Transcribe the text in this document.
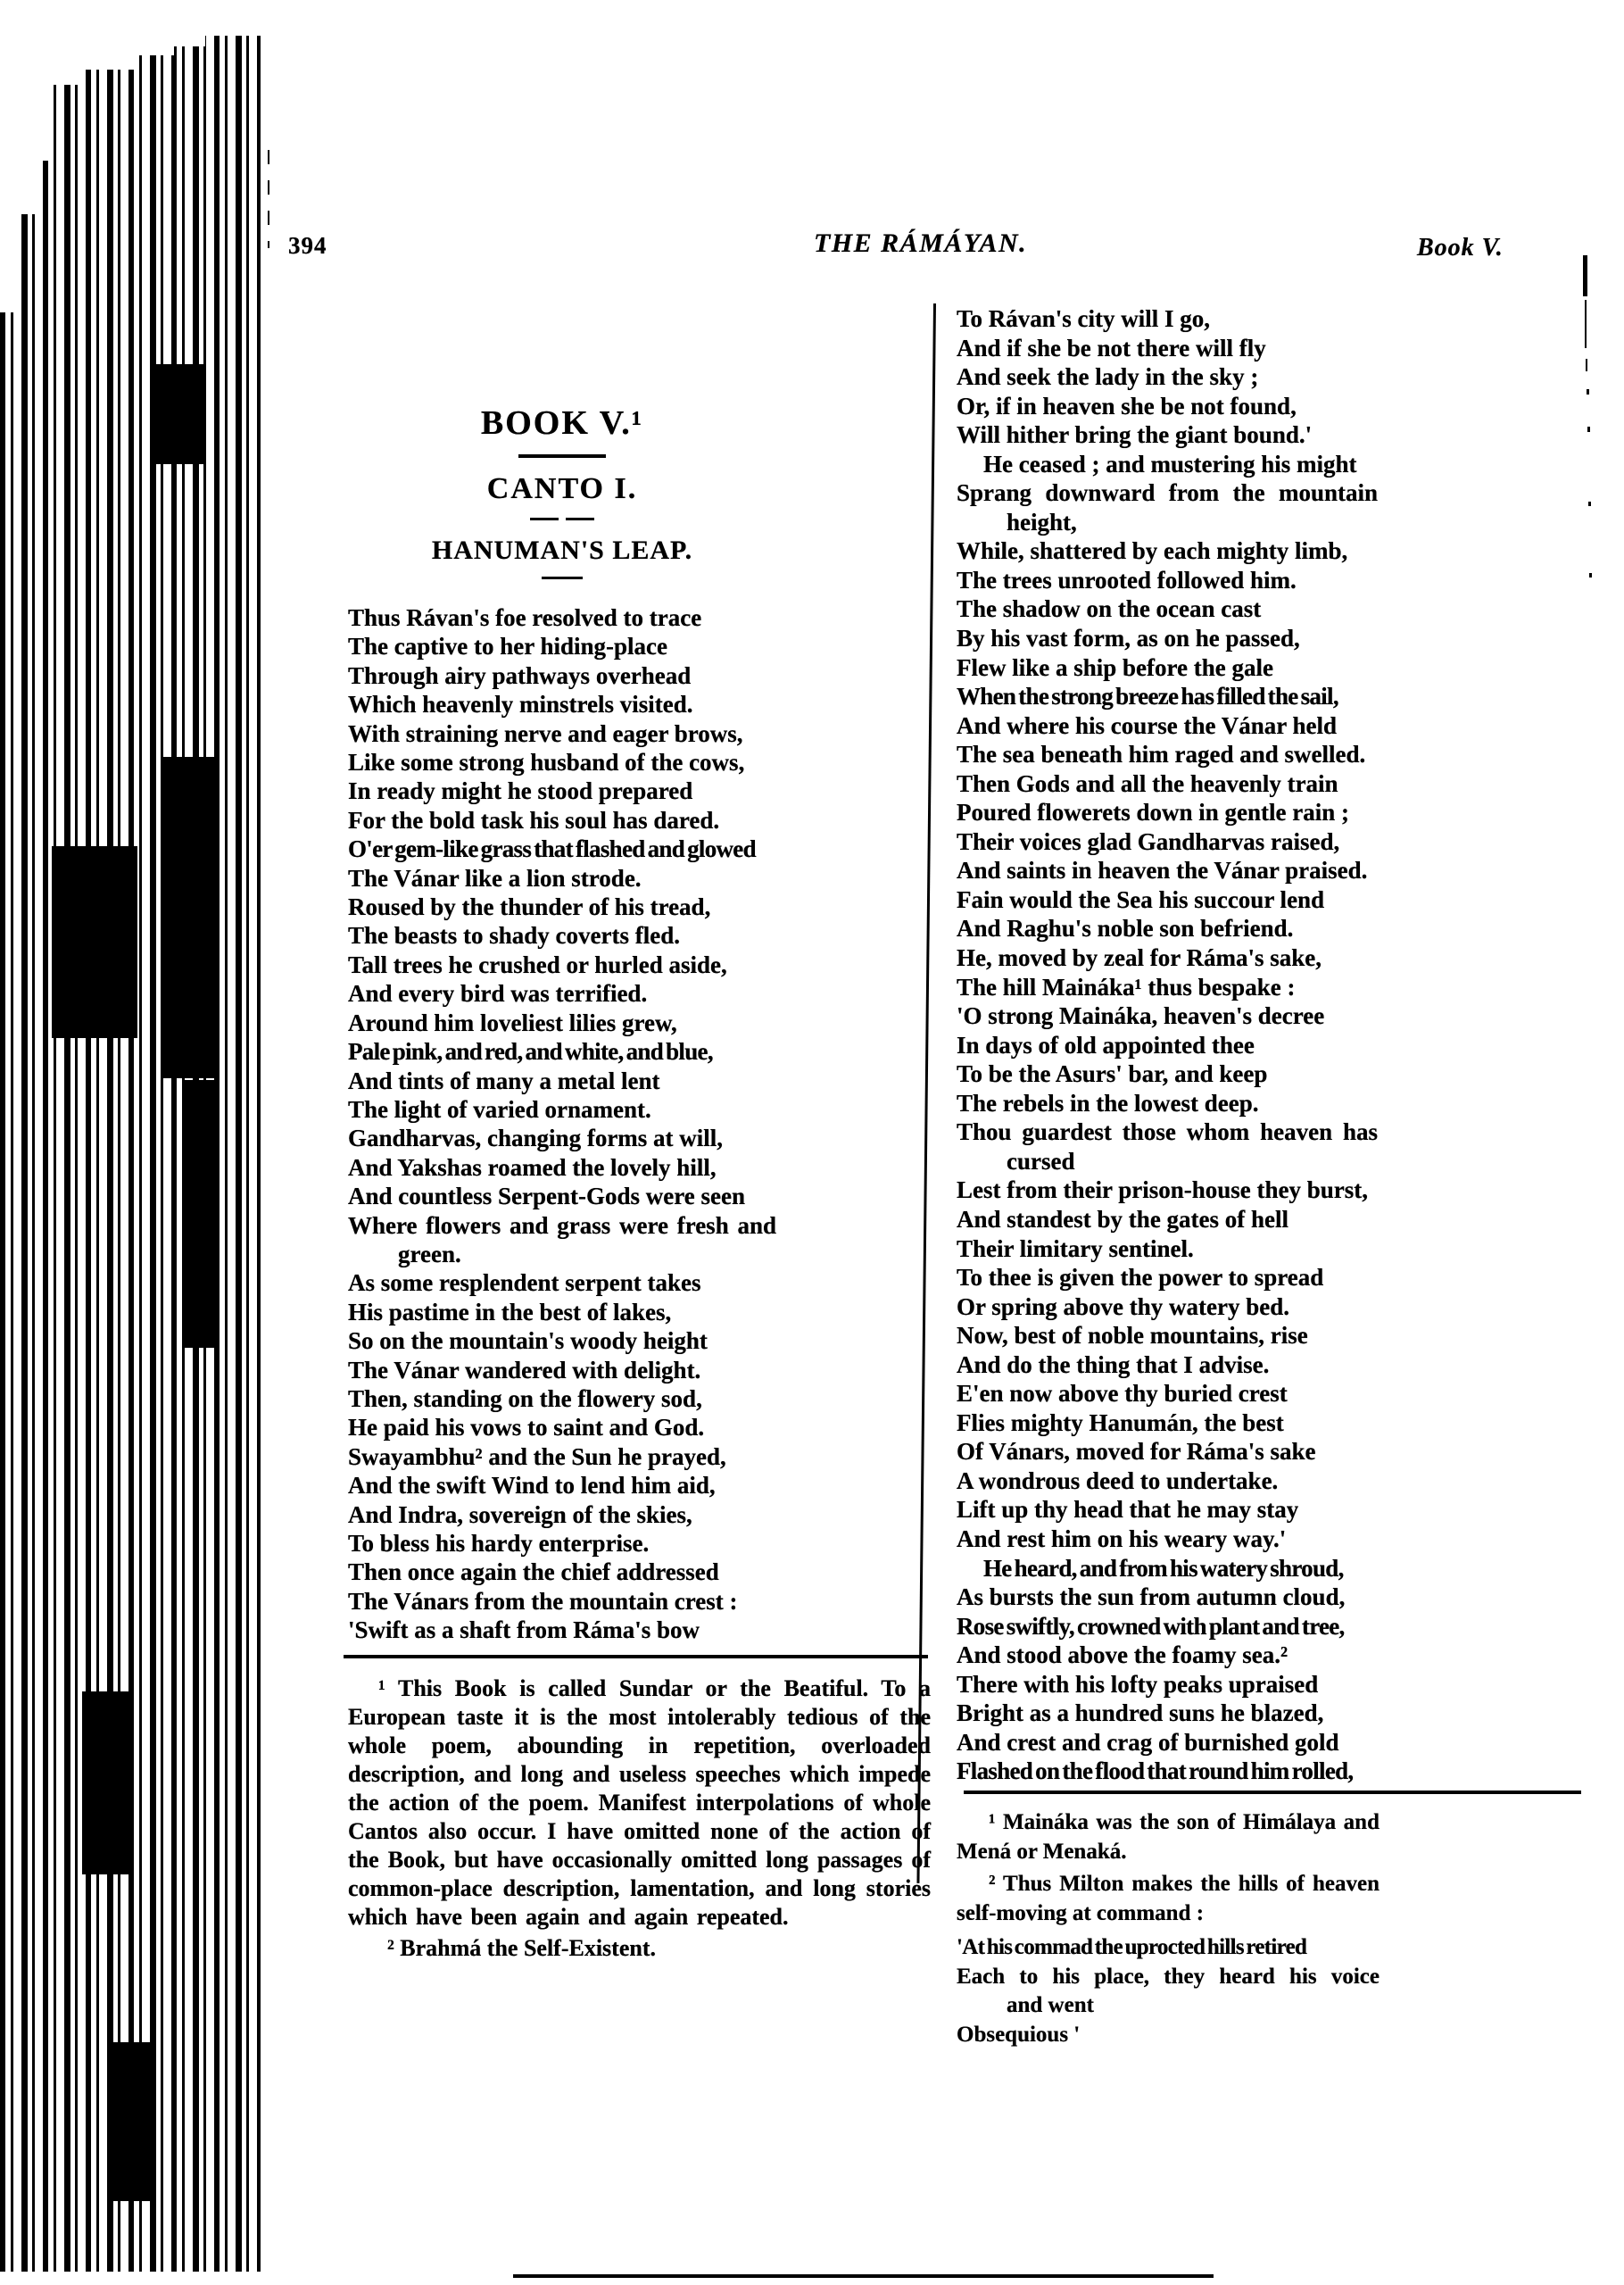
394	THE RÁMÁYAN.	Book V.
BOOK V.¹
CANTO I.
HANUMAN'S LEAP.
Thus Rávan's foe resolved to trace
The captive to her hiding-place
Through airy pathways overhead
Which heavenly minstrels visited.
With straining nerve and eager brows,
Like some strong husband of the cows,
In ready might he stood prepared
For the bold task his soul has dared.
O'er gem-like grass that flashed and glowed
The Vánar like a lion strode.
Roused by the thunder of his tread,
The beasts to shady coverts fled.
Tall trees he crushed or hurled aside,
And every bird was terrified.
Around him loveliest lilies grew,
Pale pink, and red, and white, and blue,
And tints of many a metal lent
The light of varied ornament.
Gandharvas, changing forms at will,
And Yakshas roamed the lovely hill,
And countless Serpent-Gods were seen
Where flowers and grass were fresh and
green.
As some resplendent serpent takes
His pastime in the best of lakes,
So on the mountain's woody height
The Vánar wandered with delight.
Then, standing on the flowery sod,
He paid his vows to saint and God.
Swayambhu² and the Sun he prayed,
And the swift Wind to lend him aid,
And Indra, sovereign of the skies,
To bless his hardy enterprise.
Then once again the chief addressed
The Vánars from the mountain crest :
'Swift as a shaft from Ráma's bow

¹ This Book is called Sundar or the Beatiful. To a European taste it is the most intolerably tedious of the whole poem, abounding in repetition, overloaded description, and long and useless speeches which impede the action of the poem. Manifest interpolations of whole Cantos also occur. I have omitted none of the action of the Book, but have occasionally omitted long passages of common-place description, lamentation, and long stories which have been again and again repeated.

² Brahmá the Self-Existent.
To Rávan's city will I go,
And if she be not there will fly
And seek the lady in the sky ;
Or, if in heaven she be not found,
Will hither bring the giant bound.'
He ceased ; and mustering his might
Sprang downward from the mountain
height,
While, shattered by each mighty limb,
The trees unrooted followed him.
The shadow on the ocean cast
By his vast form, as on he passed,
Flew like a ship before the gale
When the strong breeze has filled the sail,
And where his course the Vánar held
The sea beneath him raged and swelled.
Then Gods and all the heavenly train
Poured flowerets down in gentle rain ;
Their voices glad Gandharvas raised,
And saints in heaven the Vánar praised.
Fain would the Sea his succour lend
And Raghu's noble son befriend.
He, moved by zeal for Ráma's sake,
The hill Maináka¹ thus bespake :
'O strong Maináka, heaven's decree
In days of old appointed thee
To be the Asurs' bar, and keep
The rebels in the lowest deep.
Thou guardest those whom heaven has
cursed
Lest from their prison-house they burst,
And standest by the gates of hell
Their limitary sentinel.
To thee is given the power to spread
Or spring above thy watery bed.
Now, best of noble mountains, rise
And do the thing that I advise.
E'en now above thy buried crest
Flies mighty Hanumán, the best
Of Vánars, moved for Ráma's sake
A wondrous deed to undertake.
Lift up thy head that he may stay
And rest him on his weary way.'
He heard, and from his watery shroud,
As bursts the sun from autumn cloud,
Rose swiftly, crowned with plant and tree,
And stood above the foamy sea.²
There with his lofty peaks upraised
Bright as a hundred suns he blazed,
And crest and crag of burnished gold
Flashed on the flood that round him rolled,

¹ Maináka was the son of Himálaya and Mená or Menaká.

² Thus Milton makes the hills of heaven self-moving at command :

'At his commad the uprocted hills retired
Each to his place, they heard his voice
and went
Obsequious '
